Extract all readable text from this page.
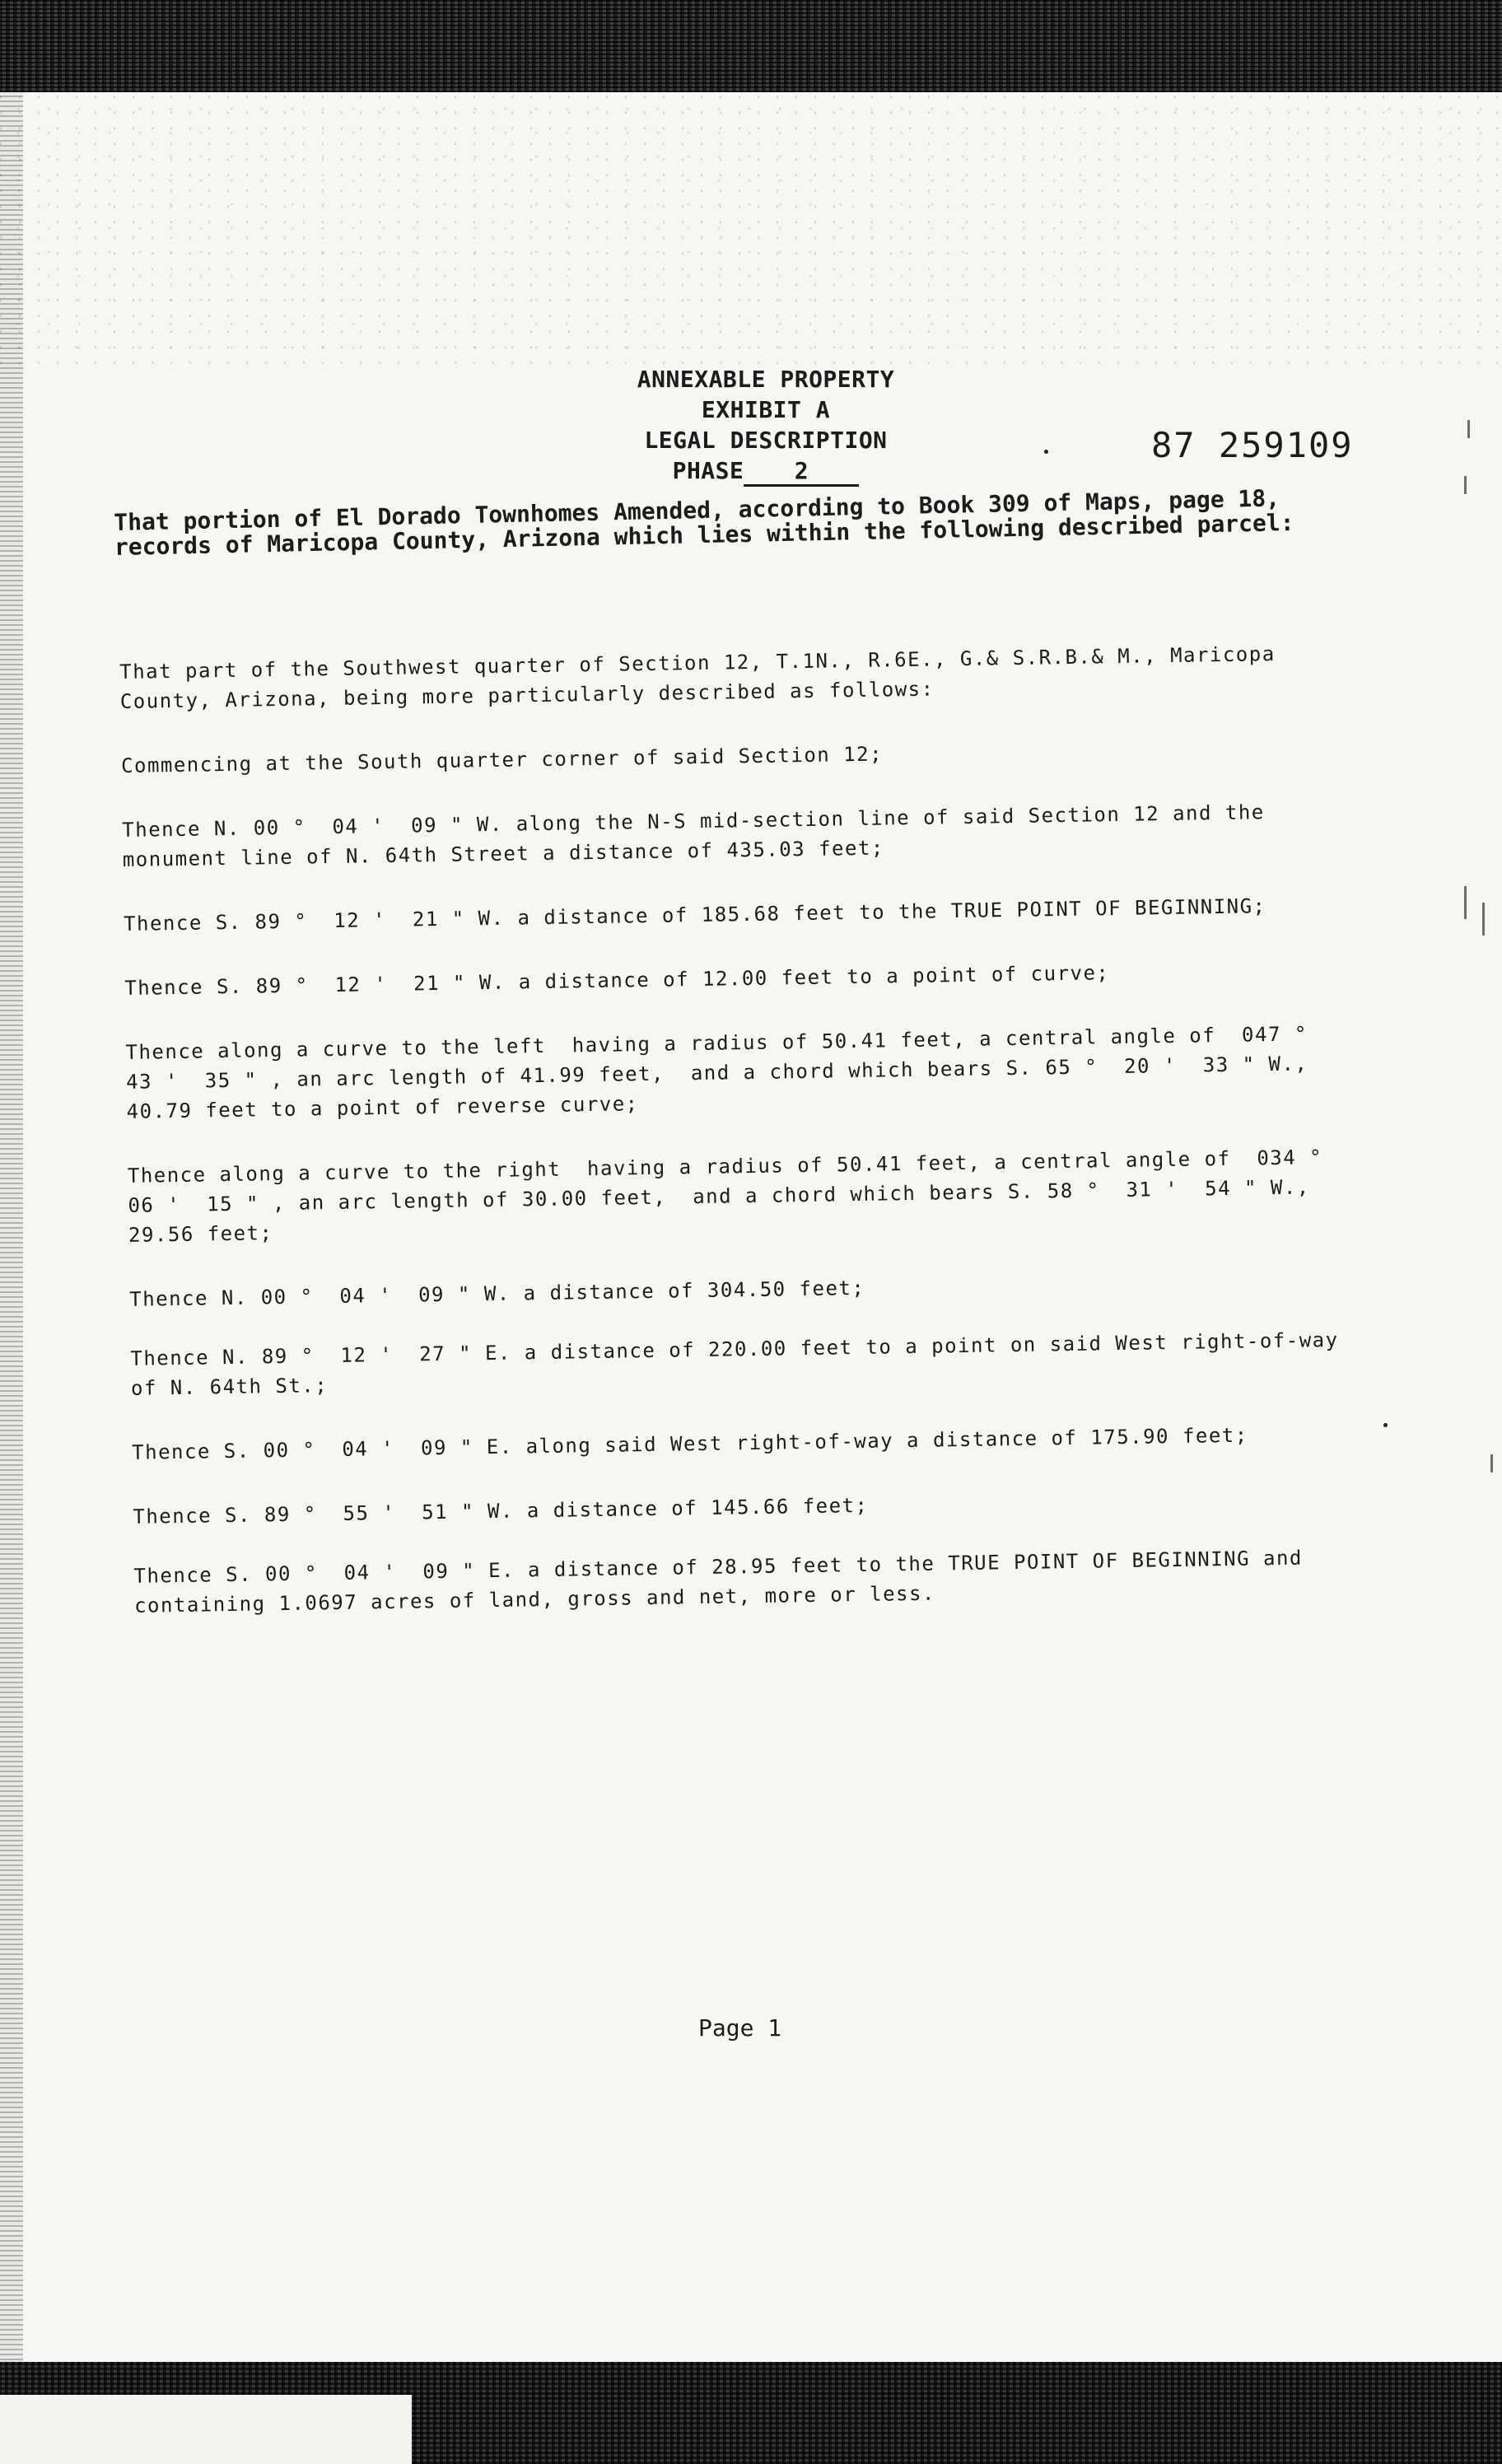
ANNEXABLE PROPERTY
EXHIBIT A
LEGAL DESCRIPTION
PHASE 2
87 259109
That portion of El Dorado Townhomes Amended, according to Book 309 of Maps, page 18, records of Maricopa County, Arizona which lies within the following described parcel:
That part of the Southwest quarter of Section 12, T.1N., R.6E., G.& S.R.B.& M., Maricopa County, Arizona, being more particularly described as follows:
Commencing at the South quarter corner of said Section 12;
Thence N. 00 °  04 '  09 " W. along the N-S mid-section line of said Section 12 and the monument line of N. 64th Street a distance of 435.03 feet;
Thence S. 89 °  12 '  21 " W. a distance of 185.68 feet to the TRUE POINT OF BEGINNING;
Thence S. 89 °  12 '  21 " W. a distance of 12.00 feet to a point of curve;
Thence along a curve to the left  having a radius of 50.41 feet, a central angle of  047 °  43 '  35 " , an arc length of 41.99 feet,  and a chord which bears S. 65 °  20 '  33 " W., 40.79 feet to a point of reverse curve;
Thence along a curve to the right  having a radius of 50.41 feet, a central angle of  034 °  06 '  15 " , an arc length of 30.00 feet,  and a chord which bears S. 58 °  31 '  54 " W., 29.56 feet;
Thence N. 00 °  04 '  09 " W. a distance of 304.50 feet;
Thence N. 89 °  12 '  27 " E. a distance of 220.00 feet to a point on said West right-of-way of N. 64th St.;
Thence S. 00 °  04 '  09 " E. along said West right-of-way a distance of 175.90 feet;
Thence S. 89 °  55 '  51 " W. a distance of 145.66 feet;
Thence S. 00 °  04 '  09 " E. a distance of 28.95 feet to the TRUE POINT OF BEGINNING and containing 1.0697 acres of land, gross and net, more or less.
Page 1
